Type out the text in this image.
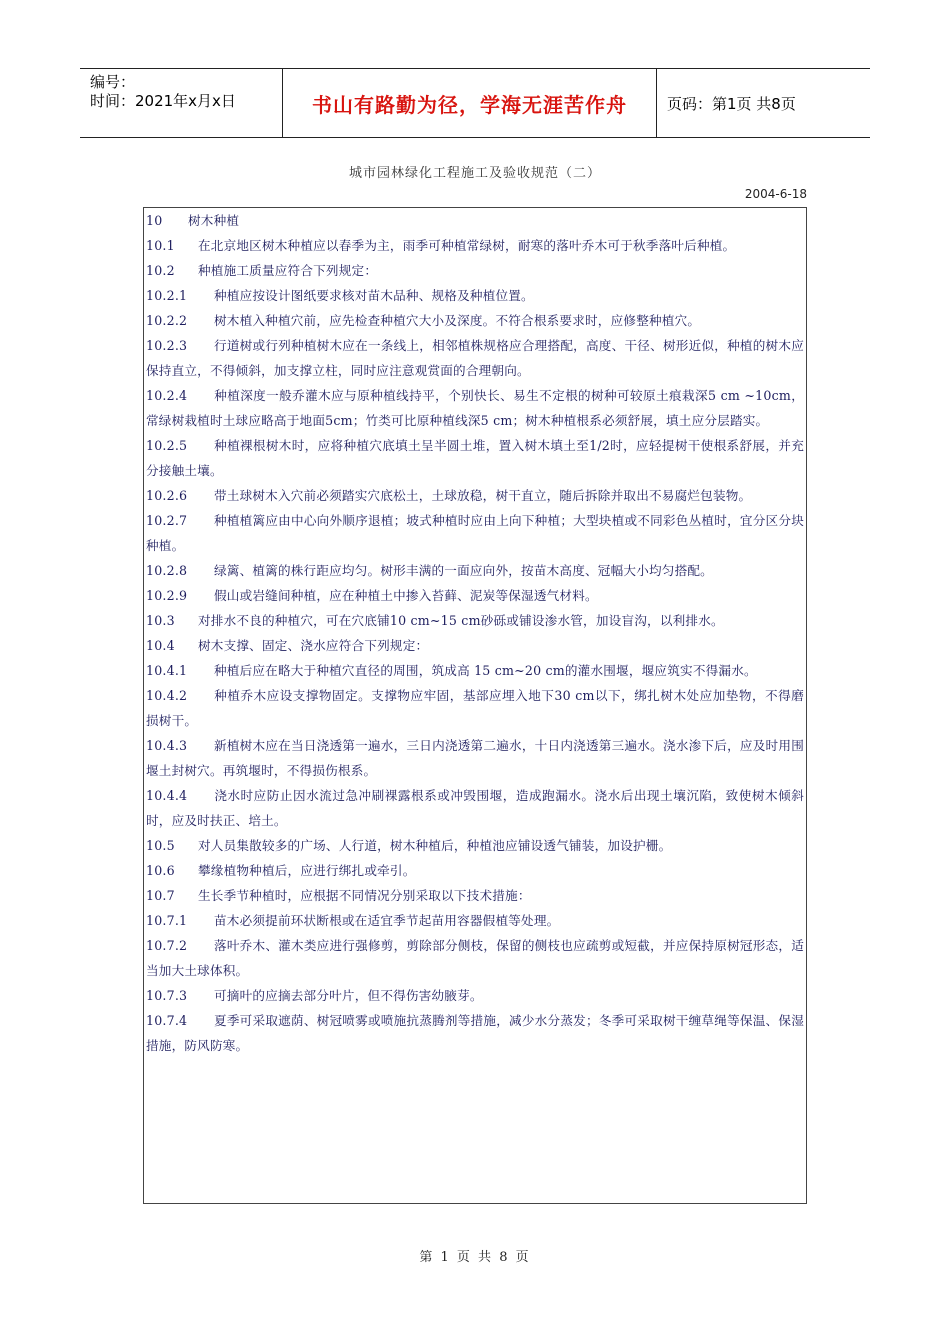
编号：
时间：2021年x月x日	书山有路勤为径，学海无涯苦作舟	页码：第1页 共8页
城市园林绿化工程施工及验收规范（二）
2004-6-18

10 树木种植

10.1 在北京地区树木种植应以春季为主，雨季可种植常绿树，耐寒的落叶乔木可于秋季落叶后种植。

10.2 种植施工质量应符合下列规定：

10.2.1 种植应按设计图纸要求核对苗木品种、规格及种植位置。

10.2.2 树木植入种植穴前，应先检查种植穴大小及深度。不符合根系要求时，应修整种植穴。

10.2.3 行道树或行列种植树木应在一条线上，相邻植株规格应合理搭配，高度、干径、树形近似，种植的树木应保持直立，不得倾斜，加支撑立柱，同时应注意观赏面的合理朝向。

10.2.4 种植深度一般乔灌木应与原种植线持平，个别快长、易生不定根的树种可较原土痕栽深5 cm ~10cm，常绿树栽植时土球应略高于地面5cm；竹类可比原种植线深5 cm；树木种植根系必须舒展，填土应分层踏实。

10.2.5 种植裸根树木时，应将种植穴底填土呈半圆土堆，置入树木填土至1/2时，应轻提树干使根系舒展，并充分接触土壤。

10.2.6 带土球树木入穴前必须踏实穴底松土，土球放稳，树干直立，随后拆除并取出不易腐烂包装物。

10.2.7 种植植篱应由中心向外顺序退植；坡式种植时应由上向下种植；大型块植或不同彩色丛植时，宜分区分块种植。

10.2.8 绿篱、植篱的株行距应均匀。树形丰满的一面应向外，按苗木高度、冠幅大小均匀搭配。

10.2.9 假山或岩缝间种植，应在种植土中掺入苔藓、泥炭等保湿透气材料。

10.3 对排水不良的种植穴，可在穴底铺10 cm~15 cm砂砾或铺设渗水管，加设盲沟，以利排水。

10.4 树木支撑、固定、浇水应符合下列规定：

10.4.1 种植后应在略大于种植穴直径的周围，筑成高 15 cm~20 cm的灌水围堰，堰应筑实不得漏水。

10.4.2 种植乔木应设支撑物固定。支撑物应牢固，基部应埋入地下30 cm以下，绑扎树木处应加垫物，不得磨损树干。

10.4.3 新植树木应在当日浇透第一遍水，三日内浇透第二遍水，十日内浇透第三遍水。浇水渗下后，应及时用围堰土封树穴。再筑堰时，不得损伤根系。

10.4.4 浇水时应防止因水流过急冲刷裸露根系或冲毁围堰，造成跑漏水。浇水后出现土壤沉陷，致使树木倾斜时，应及时扶正、培土。

10.5 对人员集散较多的广场、人行道，树木种植后，种植池应铺设透气铺装，加设护栅。

10.6 攀缘植物种植后，应进行绑扎或牵引。

10.7 生长季节种植时，应根据不同情况分别采取以下技术措施：

10.7.1 苗木必须提前环状断根或在适宜季节起苗用容器假植等处理。

10.7.2 落叶乔木、灌木类应进行强修剪，剪除部分侧枝，保留的侧枝也应疏剪或短截，并应保持原树冠形态，适当加大土球体积。

10.7.3 可摘叶的应摘去部分叶片，但不得伤害幼腋芽。

10.7.4 夏季可采取遮荫、树冠喷雾或喷施抗蒸腾剂等措施，减少水分蒸发；冬季可采取树干缠草绳等保温、保湿措施，防风防寒。

第 1 页 共 8 页
